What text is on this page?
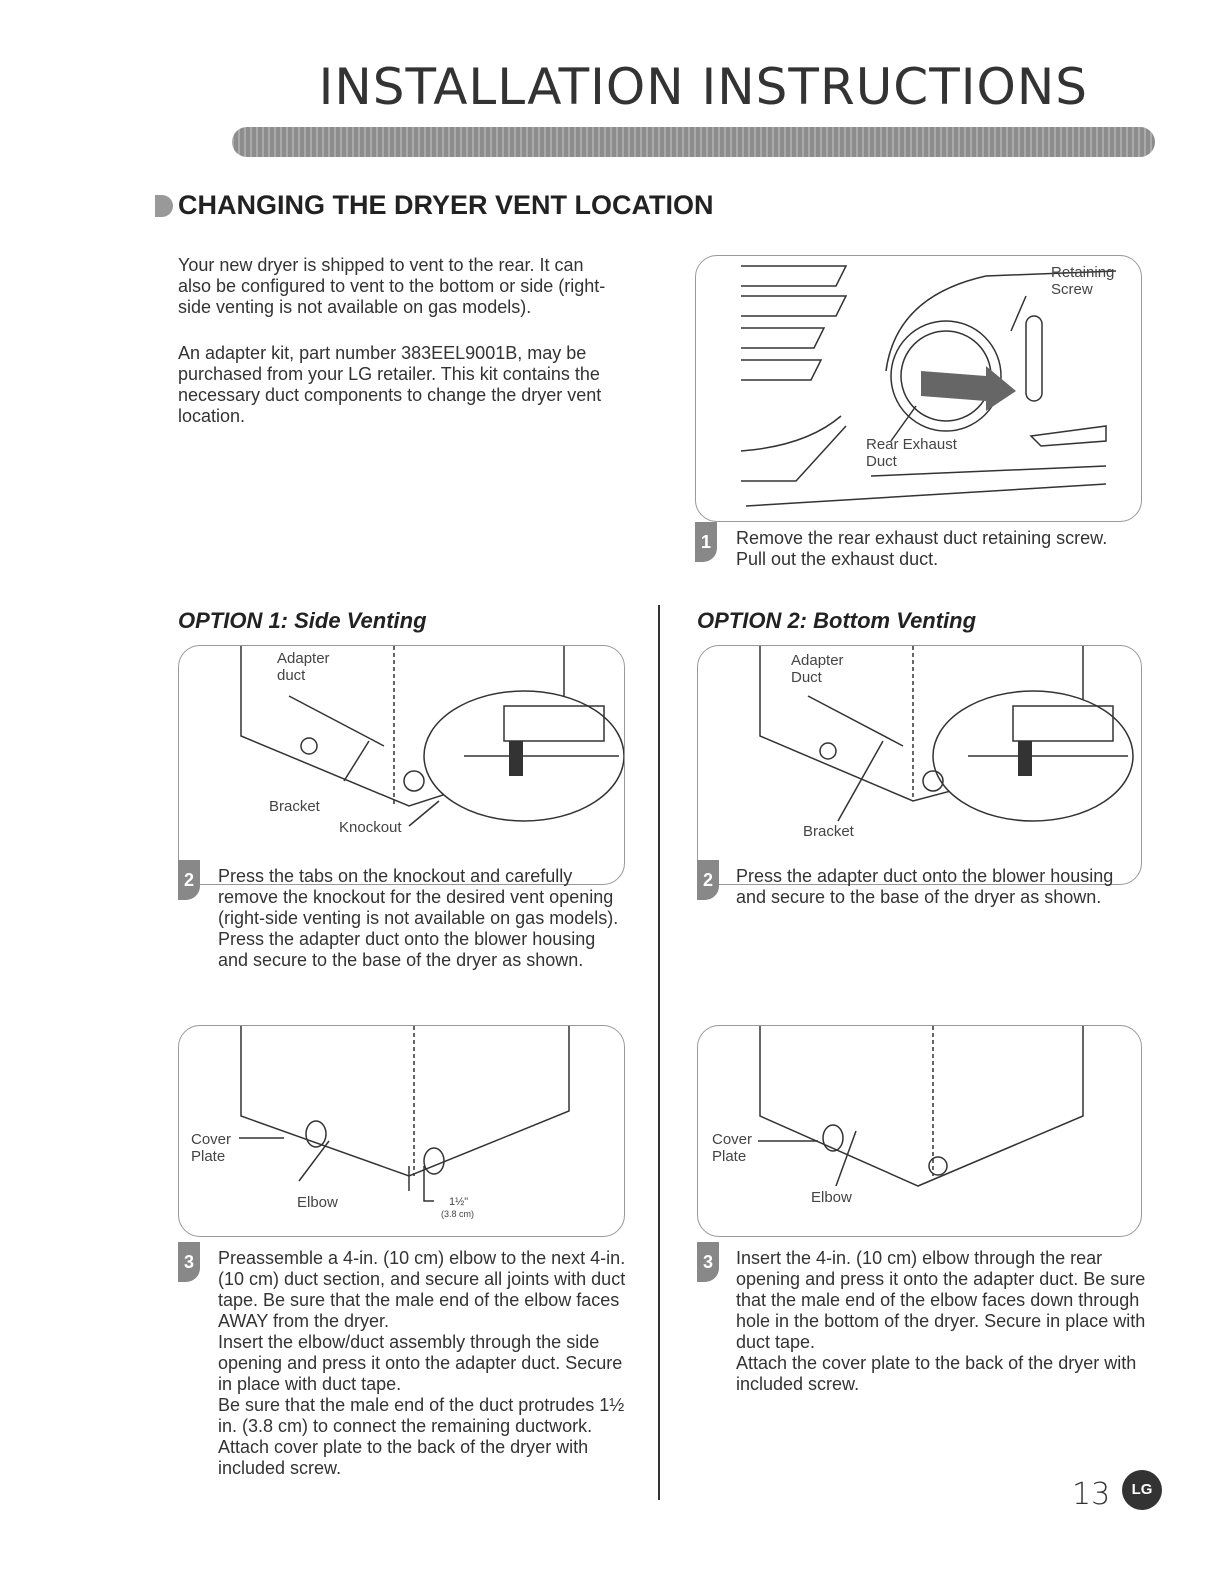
INSTALLATION INSTRUCTIONS
CHANGING THE DRYER VENT LOCATION
Your new dryer is shipped to vent to the rear. It can also be configured to vent to the bottom or side (right-side venting is not available on gas models).
An adapter kit, part number 383EEL9001B, may be purchased from your LG retailer. This kit contains the necessary duct components to change the dryer vent location.
Retaining Screw
Rear Exhaust Duct
1	Remove the rear exhaust duct retaining screw. Pull out the exhaust duct.
OPTION 1: Side Venting
Adapter duct
Bracket
Knockout
2	Press the tabs on the knockout and carefully remove the knockout for the desired vent opening (right-side venting is not available on gas models). Press the adapter duct onto the blower housing and secure to the base of the dryer as shown.
Cover Plate
Elbow	1½"
(3.8 cm)
3	Preassemble a 4-in. (10 cm) elbow to the next 4-in. (10 cm) duct section, and secure all joints with duct tape. Be sure that the male end of the elbow faces AWAY from the dryer.
Insert the elbow/duct assembly through the side opening and press it onto the adapter duct. Secure in place with duct tape.
Be sure that the male end of the duct protrudes 1½ in. (3.8 cm) to connect the remaining ductwork.
Attach cover plate to the back of the dryer with included screw.
OPTION 2: Bottom Venting
Adapter Duct
Bracket
2	Press the adapter duct onto the blower housing and secure to the base of the dryer as shown.
Cover Plate
Elbow
3	Insert the 4-in. (10 cm) elbow through the rear opening and press it onto the adapter duct. Be sure that the male end of the elbow faces down through hole in the bottom of the dryer. Secure in place with duct tape.
Attach the cover plate to the back of the dryer with included screw.
13	LG
